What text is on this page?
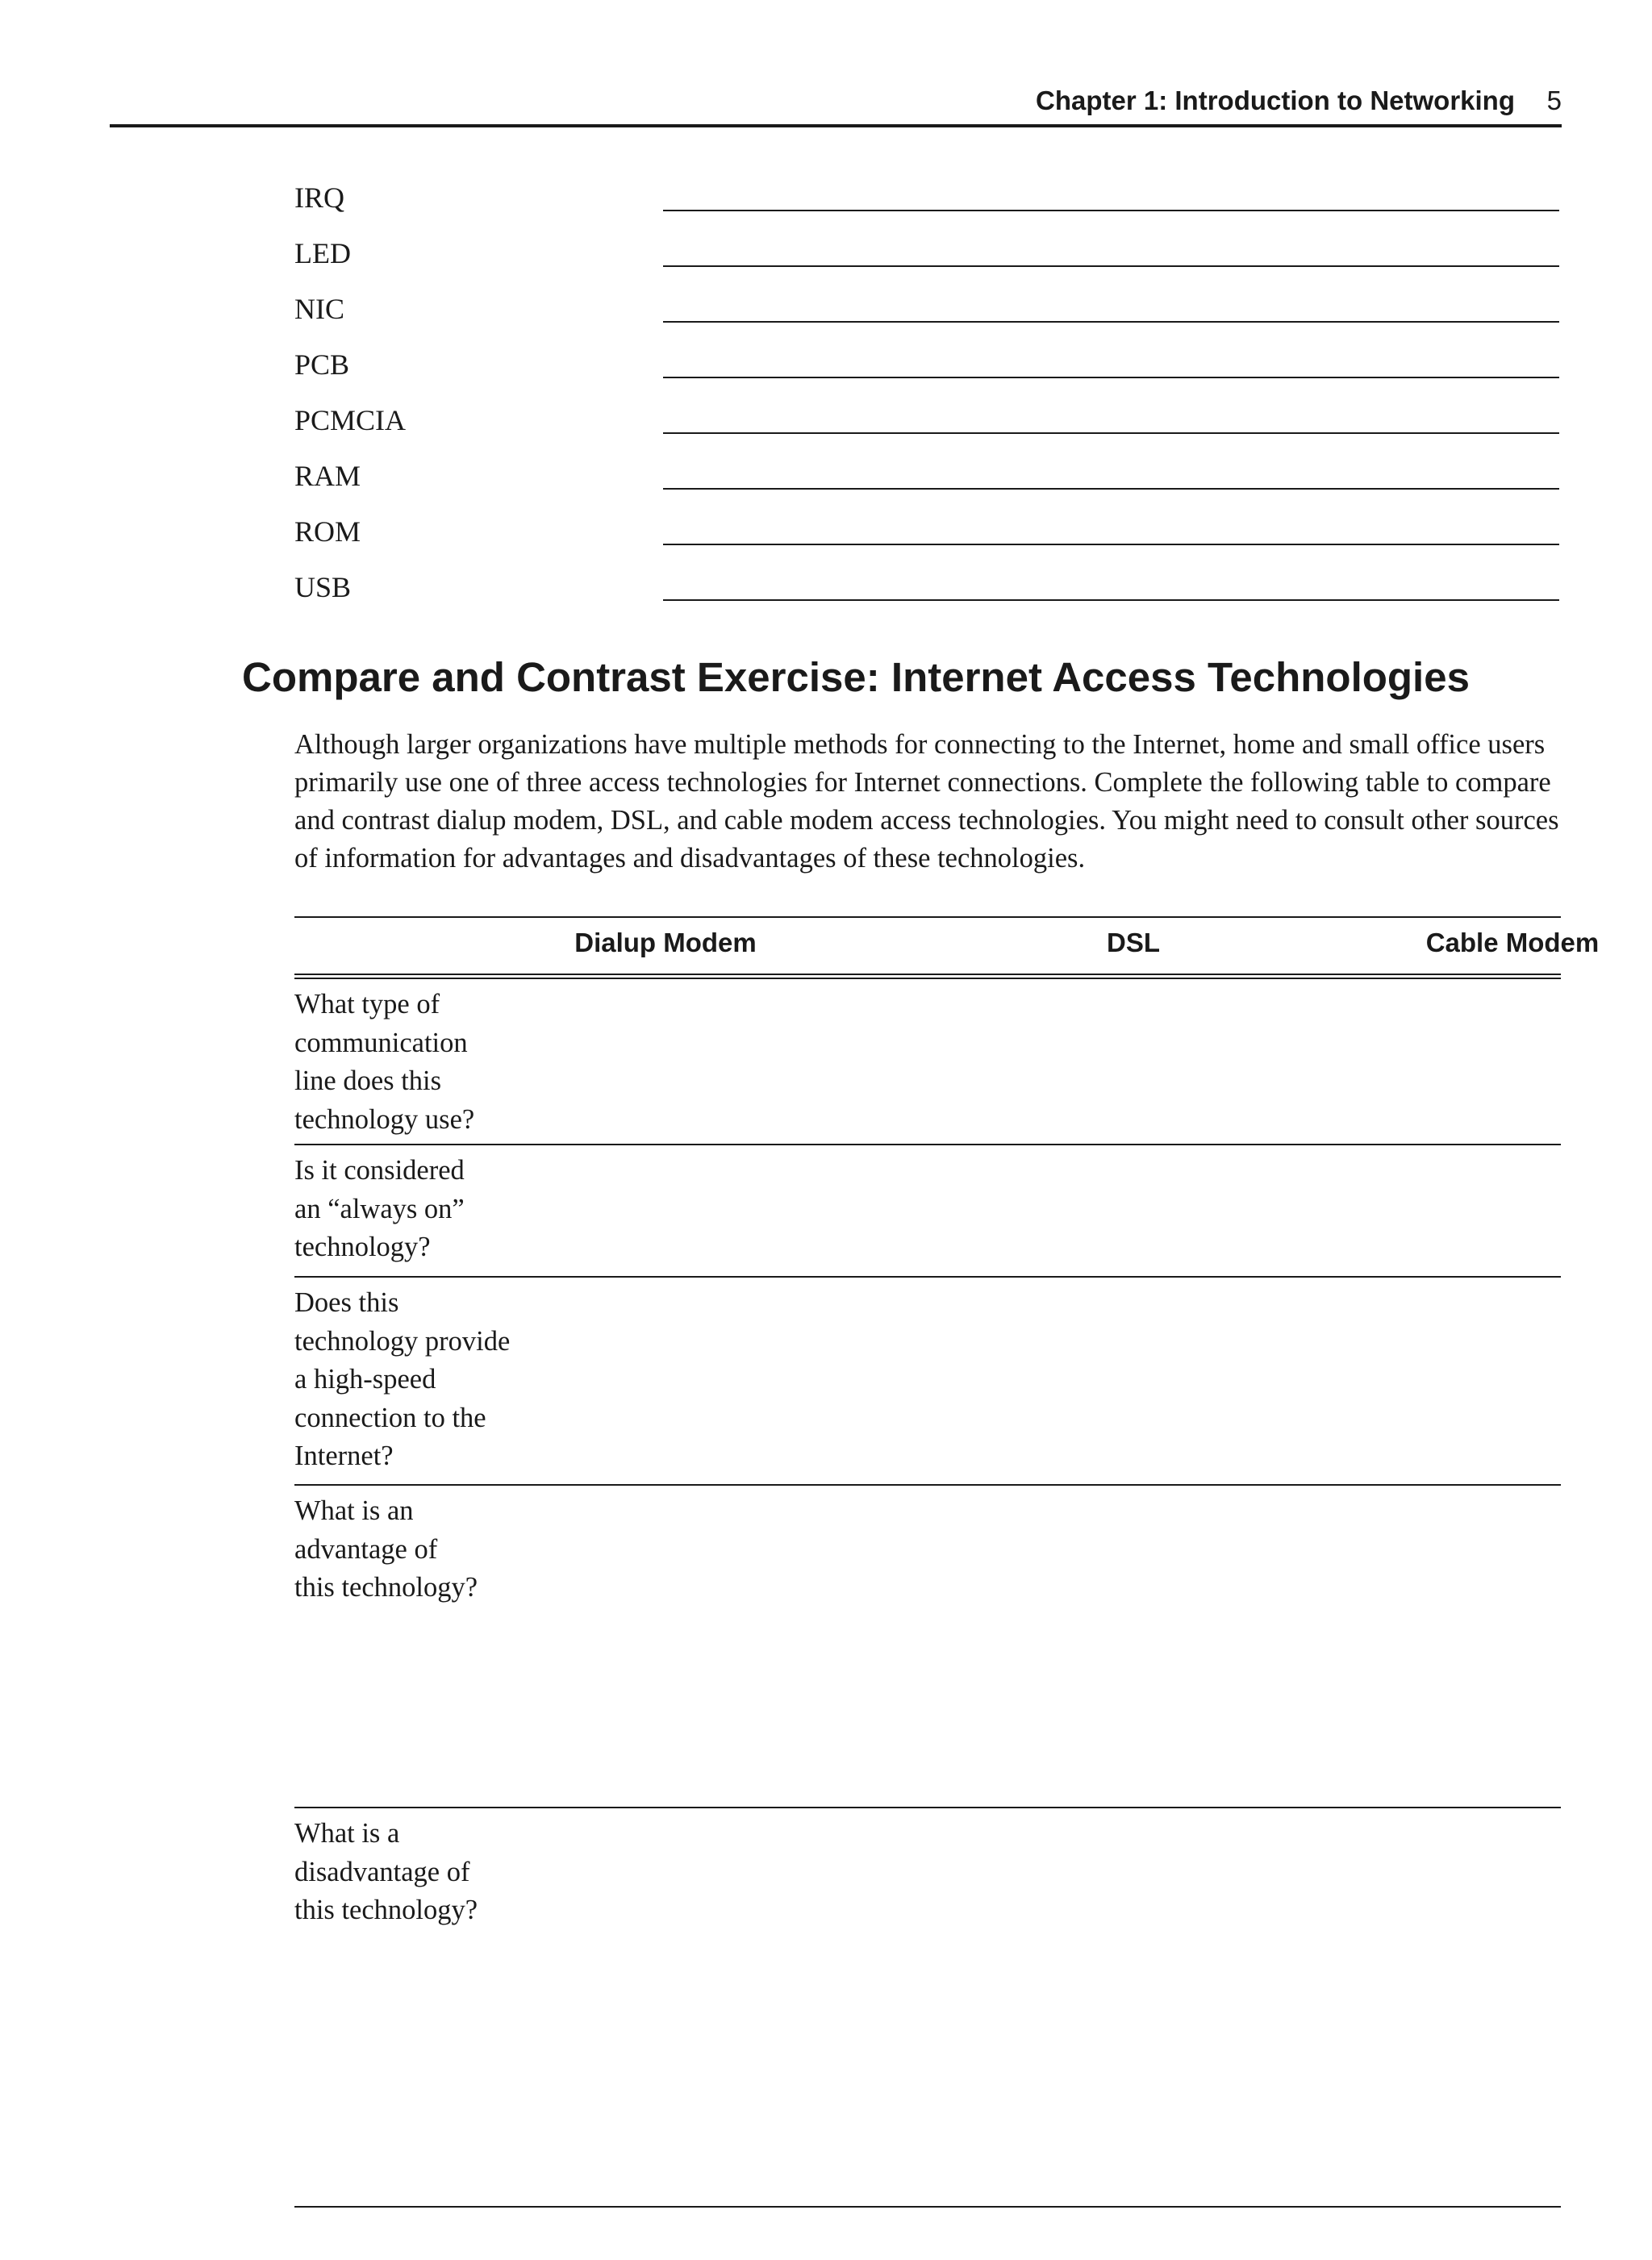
Chapter 1: Introduction to Networking 5
IRQ
LED
NIC
PCB
PCMCIA
RAM
ROM
USB
Compare and Contrast Exercise: Internet Access Technologies

Although larger organizations have multiple methods for connecting to the Internet, home and small office users primarily use one of three access technologies for Internet connections. Complete the following table to compare and contrast dialup modem, DSL, and cable modem access technologies. You might need to consult other sources of information for advantages and disadvantages of these technologies.

Dialup Modem	DSL	Cable Modem
What type of
communication
line does this
technology use?
Is it considered
an “always on”
technology?
Does this
technology provide
a high-speed
connection to the
Internet?
What is an
advantage of
this technology?
What is a
disadvantage of
this technology?
